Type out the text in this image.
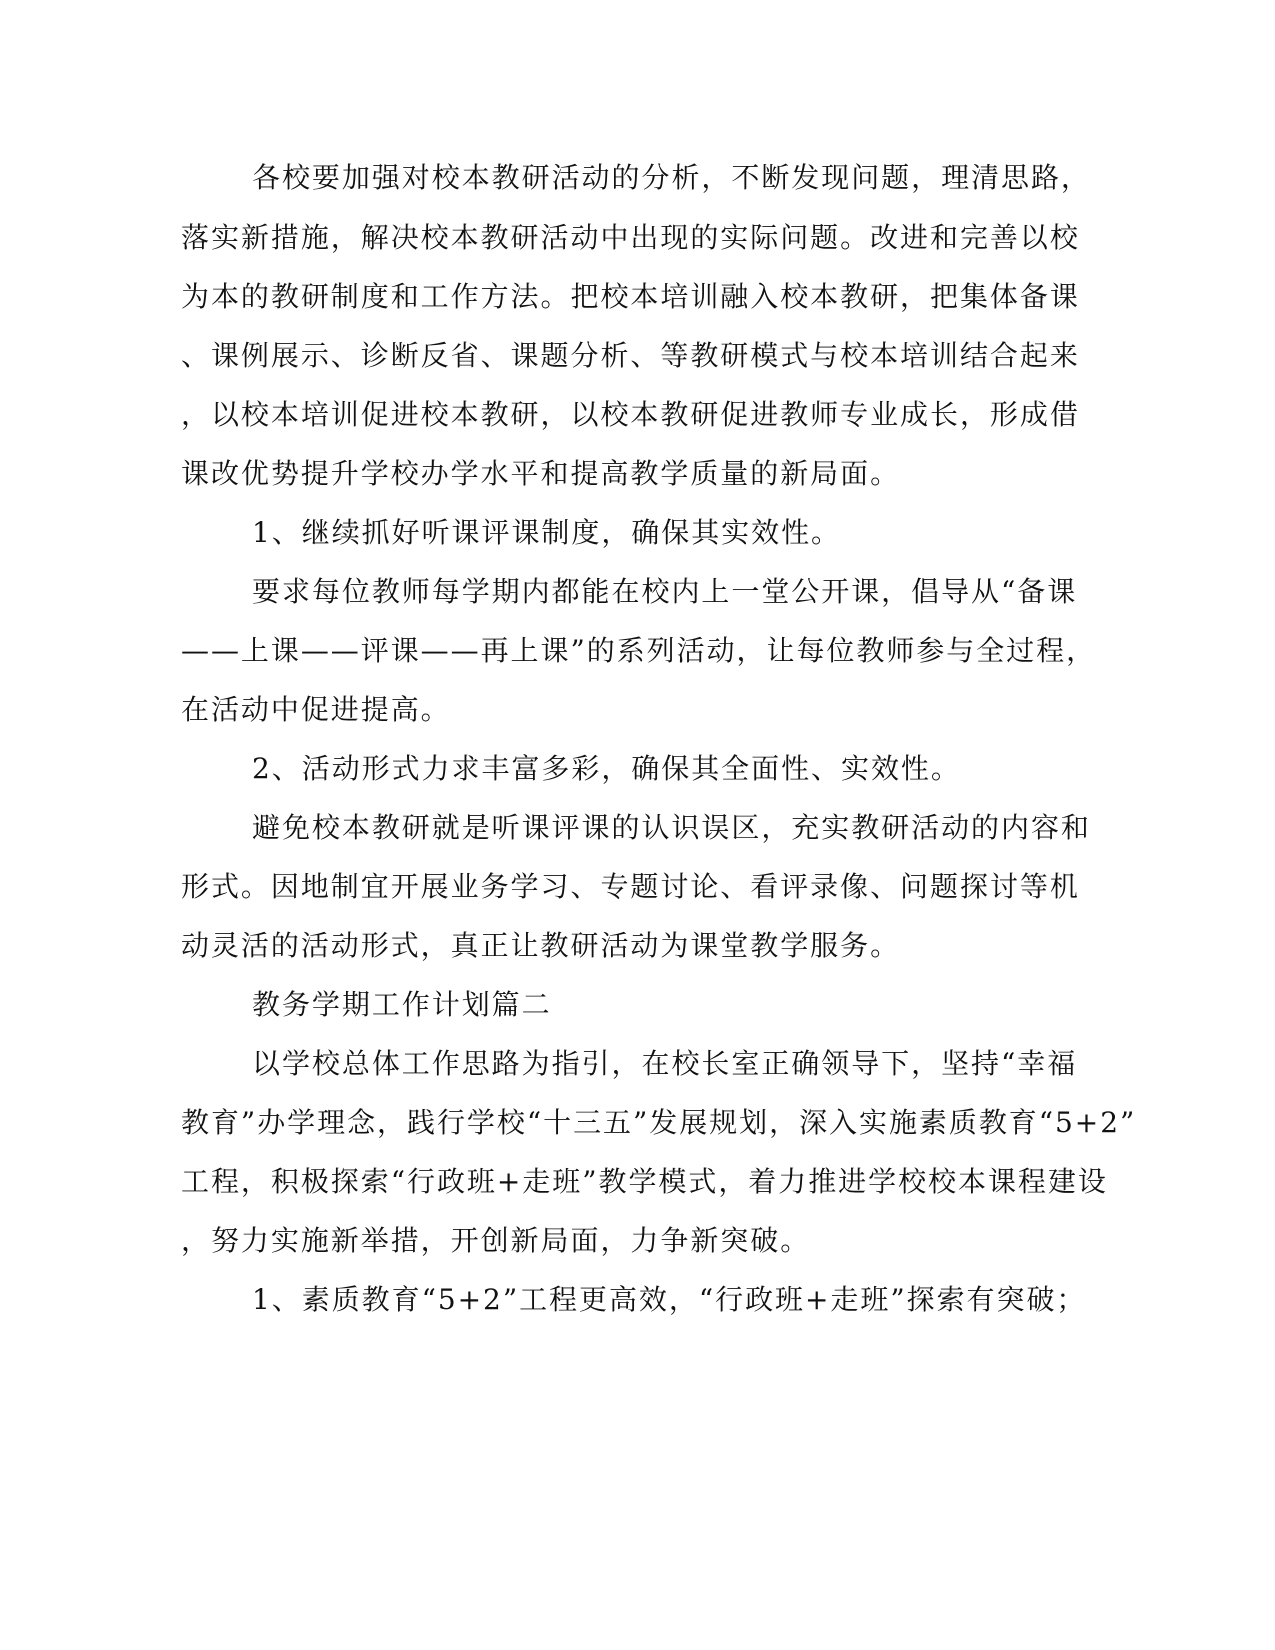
各校要加强对校本教研活动的分析，不断发现问题，理清思路，
落实新措施，解决校本教研活动中出现的实际问题。改进和完善以校
为本的教研制度和工作方法。把校本培训融入校本教研，把集体备课
、课例展示、诊断反省、课题分析、等教研模式与校本培训结合起来
，以校本培训促进校本教研，以校本教研促进教师专业成长，形成借
课改优势提升学校办学水平和提高教学质量的新局面。
1、继续抓好听课评课制度，确保其实效性。
要求每位教师每学期内都能在校内上一堂公开课，倡导从“备课
——上课——评课——再上课”的系列活动，让每位教师参与全过程，
在活动中促进提高。
2、活动形式力求丰富多彩，确保其全面性、实效性。
避免校本教研就是听课评课的认识误区，充实教研活动的内容和
形式。因地制宜开展业务学习、专题讨论、看评录像、问题探讨等机
动灵活的活动形式，真正让教研活动为课堂教学服务。
教务学期工作计划篇二
以学校总体工作思路为指引，在校长室正确领导下，坚持“幸福
教育”办学理念，践行学校“十三五”发展规划，深入实施素质教育“5+2”
工程，积极探索“行政班+走班”教学模式，着力推进学校校本课程建设
，努力实施新举措，开创新局面，力争新突破。
1、素质教育“5+2”工程更高效，“行政班+走班”探索有突破；
